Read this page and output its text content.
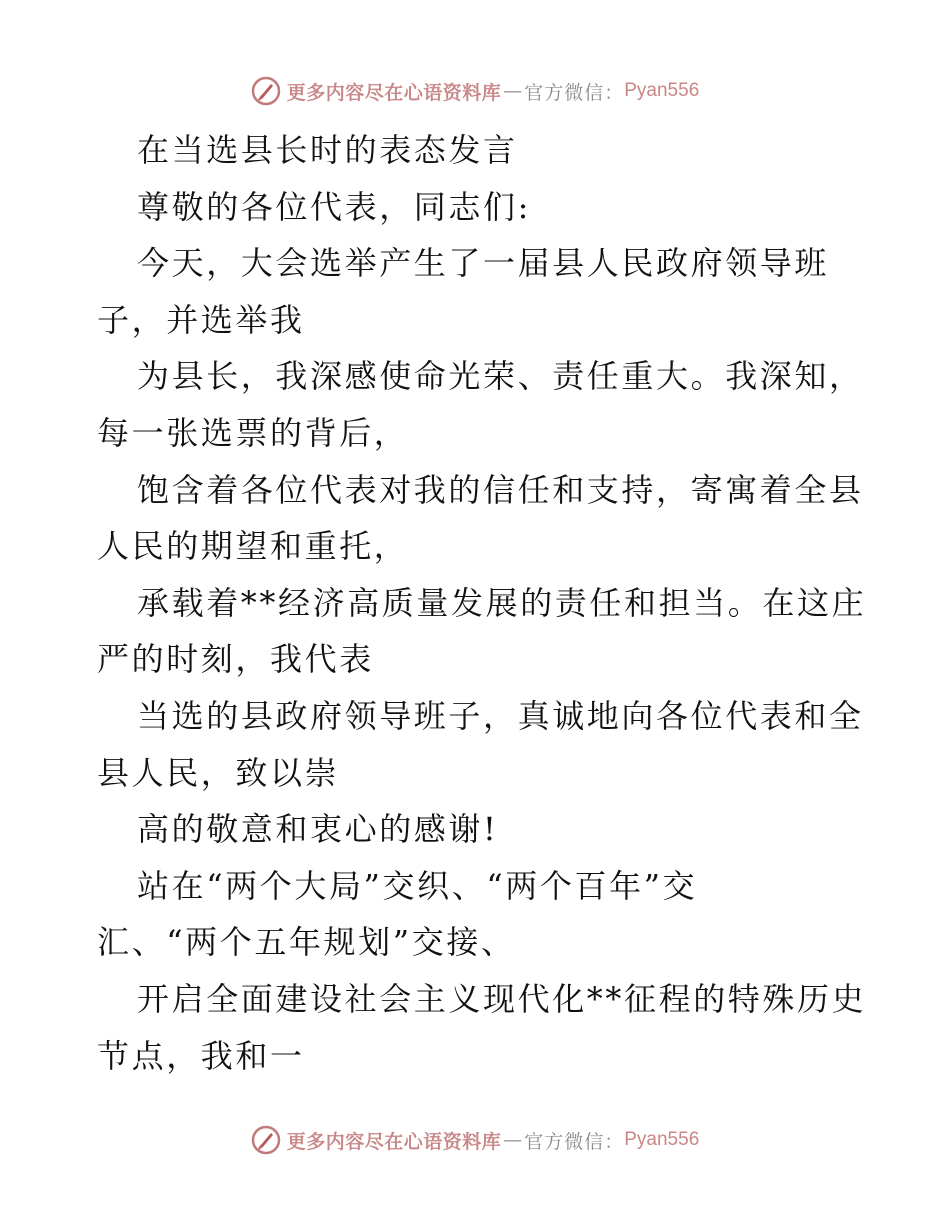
更多内容尽在心语资料库 — 官方微信： Pyan556
在当选县长时的表态发言
尊敬的各位代表，同志们:
今天，大会选举产生了一届县人民政府领导班
子，并选举我
为县长，我深感使命光荣、责任重大。我深知，
每一张选票的背后，
饱含着各位代表对我的信任和支持，寄寓着全县
人民的期望和重托，
承载着**经济高质量发展的责任和担当。在这庄
严的时刻，我代表
当选的县政府领导班子，真诚地向各位代表和全
县人民，致以崇
高的敬意和衷心的感谢!
站在“两个大局”交织、“两个百年”交
汇、“两个五年规划”交接、
开启全面建设社会主义现代化**征程的特殊历史
节点，我和一
更多内容尽在心语资料库 — 官方微信： Pyan556
